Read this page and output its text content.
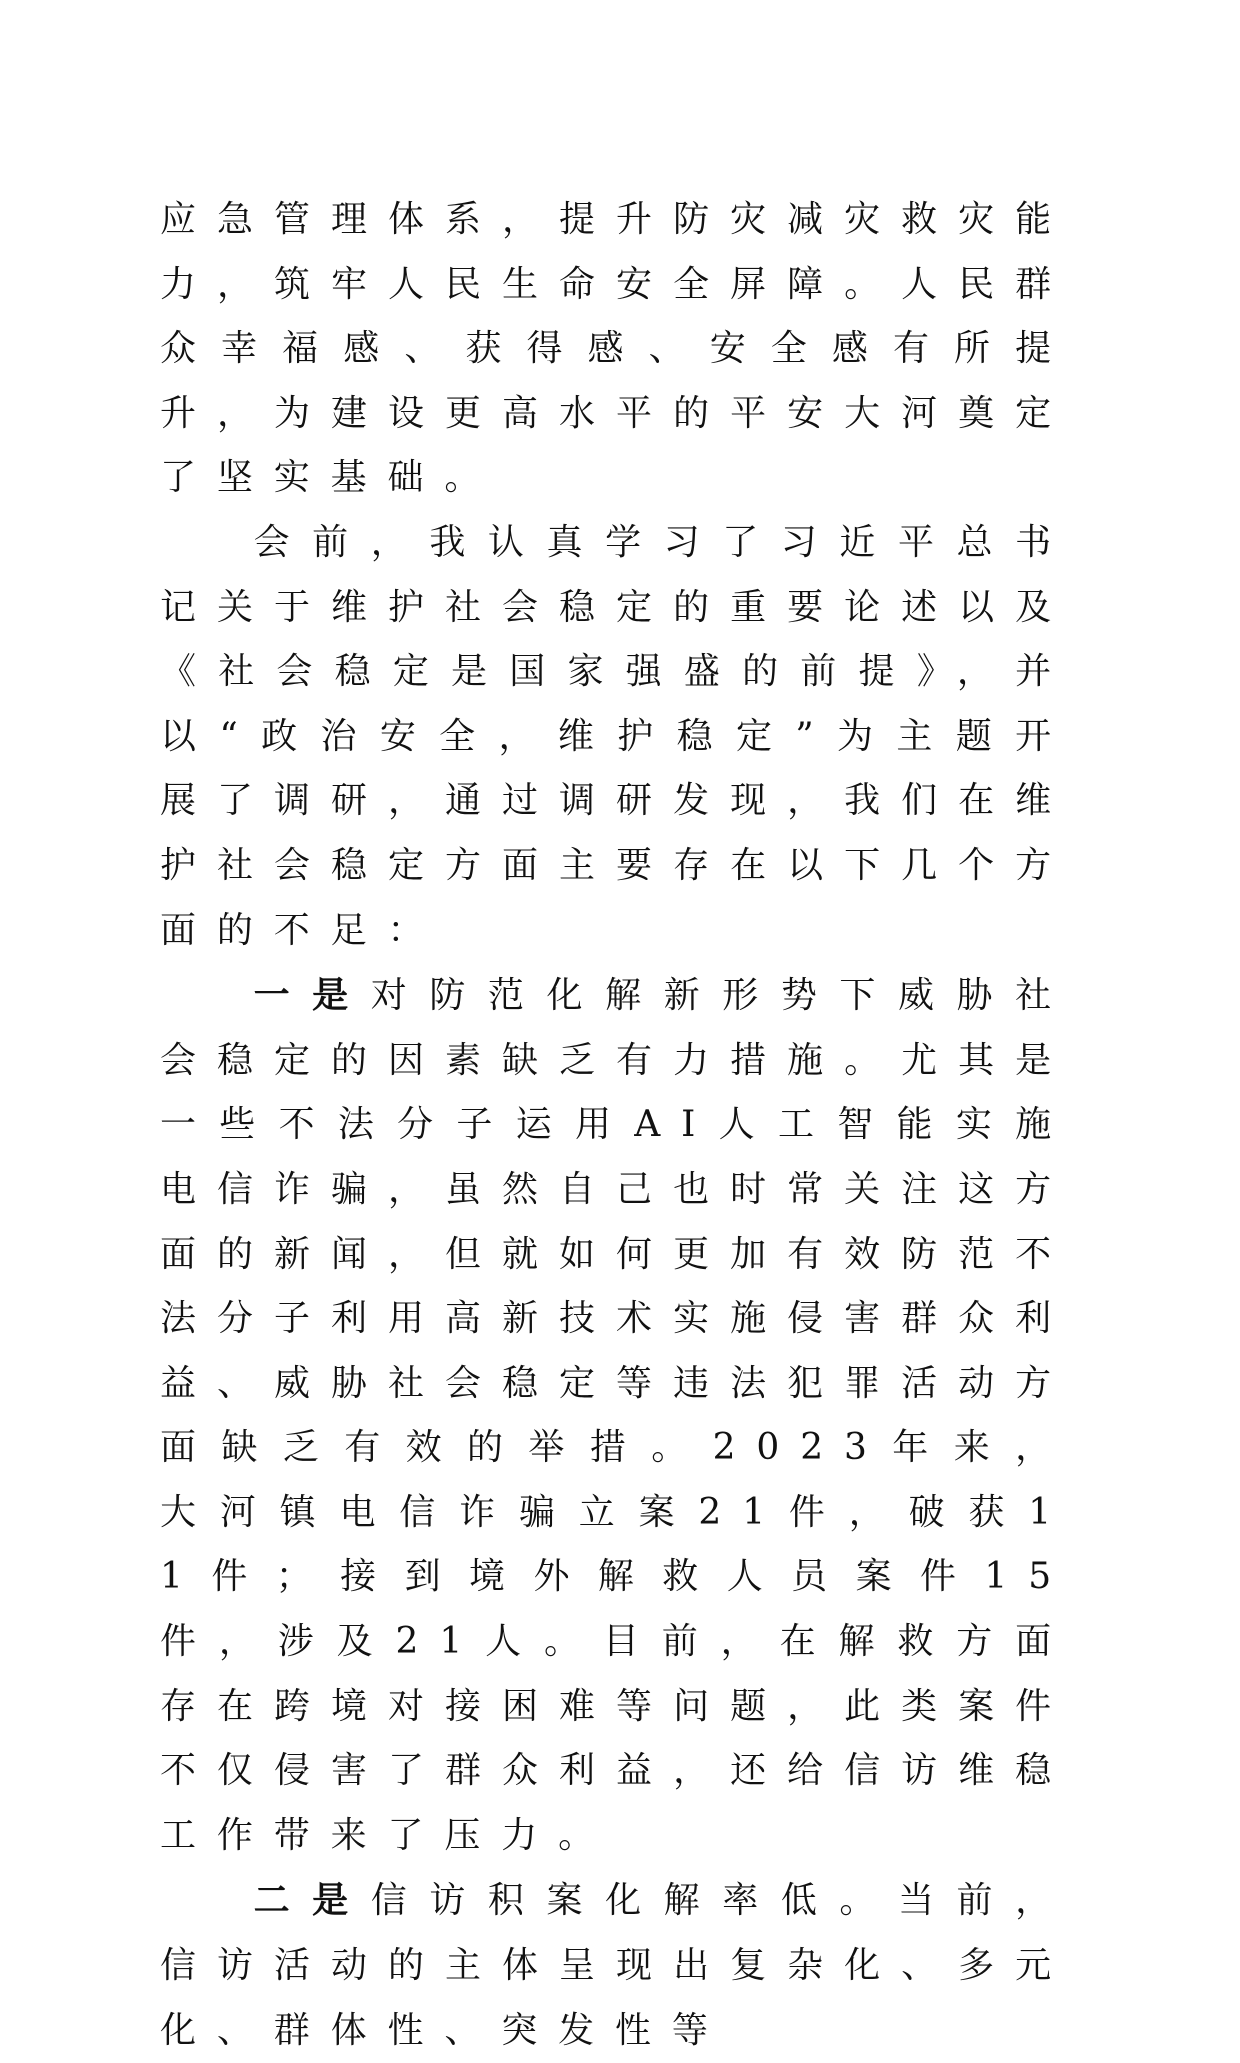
应急管理体系，提升防灾减灾救灾能力，筑牢人民生命安全屏障。人民群众幸福感、获得感、安全感有所提升，为建设更高水平的平安大河奠定了坚实基础。

会前，我认真学习了习近平总书记关于维护社会稳定的重要论述以及《社会稳定是国家强盛的前提》，并以“政治安全，维护稳定”为主题开展了调研，通过调研发现，我们在维护社会稳定方面主要存在以下几个方面的不足：

一是对防范化解新形势下威胁社会稳定的因素缺乏有力措施。尤其是一些不法分子运用AI人工智能实施电信诈骗，虽然自己也时常关注这方面的新闻，但就如何更加有效防范不法分子利用高新技术实施侵害群众利益、威胁社会稳定等违法犯罪活动方面缺乏有效的举措。2023年来，大河镇电信诈骗立案21件，破获11件；接到境外解救人员案件15件，涉及21人。目前，在解救方面存在跨境对接困难等问题，此类案件不仅侵害了群众利益，还给信访维稳工作带来了压力。

二是信访积案化解率低。当前，信访活动的主体呈现出复杂化、多元化、群体性、突发性等
